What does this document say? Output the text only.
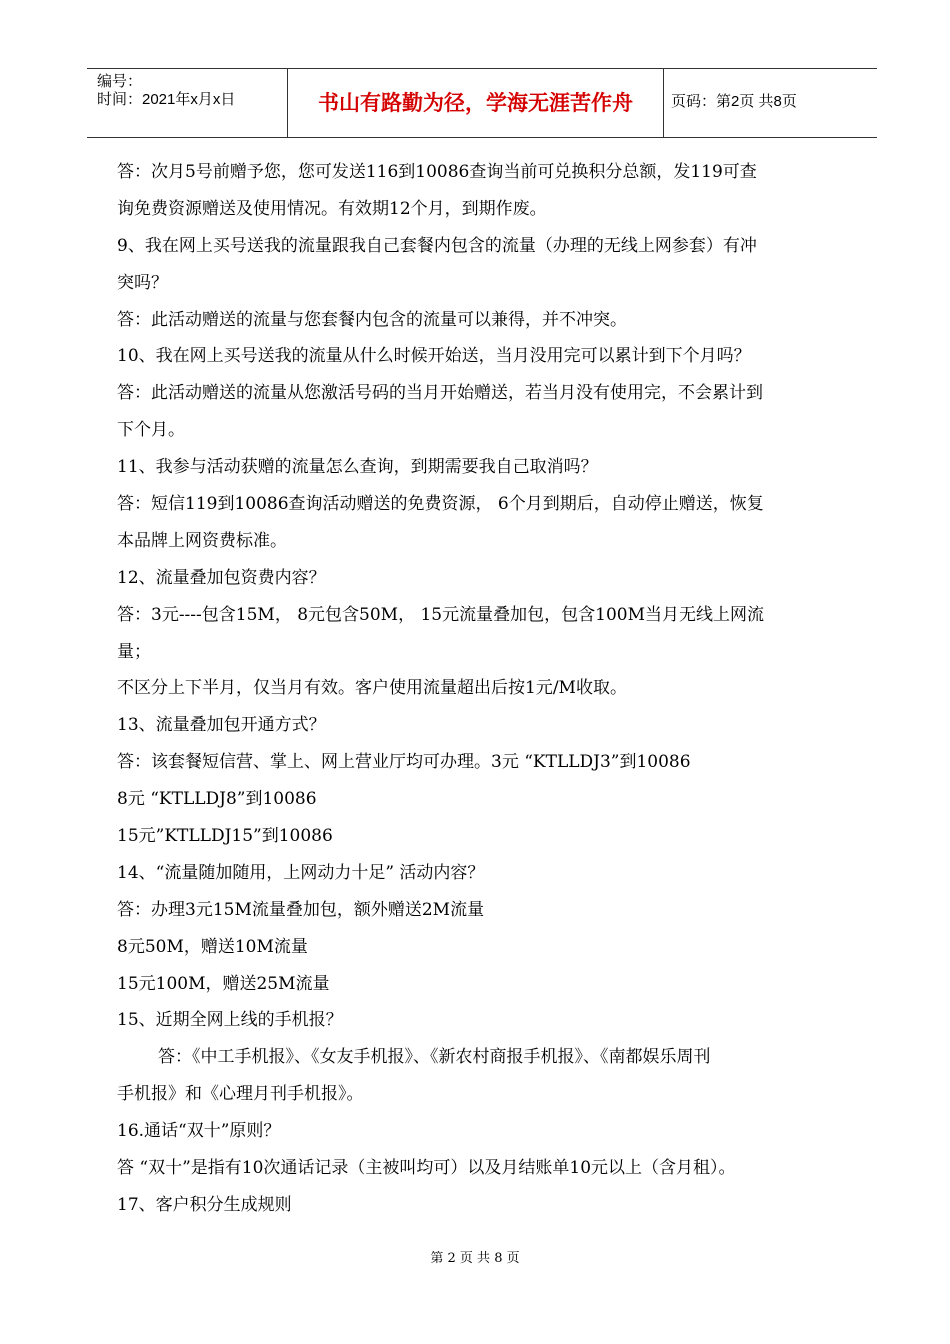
编号：
时间：2021年x月x日	书山有路勤为径，学海无涯苦作舟	页码：第2页 共8页
答：次月5号前赠予您，您可发送116到10086查询当前可兑换积分总额，发119可查
询免费资源赠送及使用情况。有效期12个月，到期作废。
9、我在网上买号送我的流量跟我自己套餐内包含的流量（办理的无线上网参套）有冲
突吗？
答：此活动赠送的流量与您套餐内包含的流量可以兼得，并不冲突。
10、我在网上买号送我的流量从什么时候开始送，当月没用完可以累计到下个月吗？
答：此活动赠送的流量从您激活号码的当月开始赠送，若当月没有使用完，不会累计到
下个月。
11、我参与活动获赠的流量怎么查询，到期需要我自己取消吗？
答：短信119到10086查询活动赠送的免费资源， 6个月到期后，自动停止赠送，恢复
本品牌上网资费标准。
12、流量叠加包资费内容？
答：3元----包含15M， 8元包含50M， 15元流量叠加包，包含100M当月无线上网流
量；
不区分上下半月，仅当月有效。客户使用流量超出后按1元/M收取。
13、流量叠加包开通方式？
答：该套餐短信营、掌上、网上营业厅均可办理。3元 “KTLLDJ3”到10086
8元 “KTLLDJ8”到10086
15元”KTLLDJ15”到10086
14、“流量随加随用，上网动力十足” 活动内容？
答：办理3元15M流量叠加包，额外赠送2M流量
8元50M，赠送10M流量
15元100M，赠送25M流量
15、近期全网上线的手机报？
答：《中工手机报》、《女友手机报》、《新农村商报手机报》、《南都娱乐周刊
手机报》和《心理月刊手机报》。
16.通话“双十”原则？
答 “双十”是指有10次通话记录（主被叫均可）以及月结账单10元以上（含月租）。
17、客户积分生成规则
第 2 页 共 8 页
